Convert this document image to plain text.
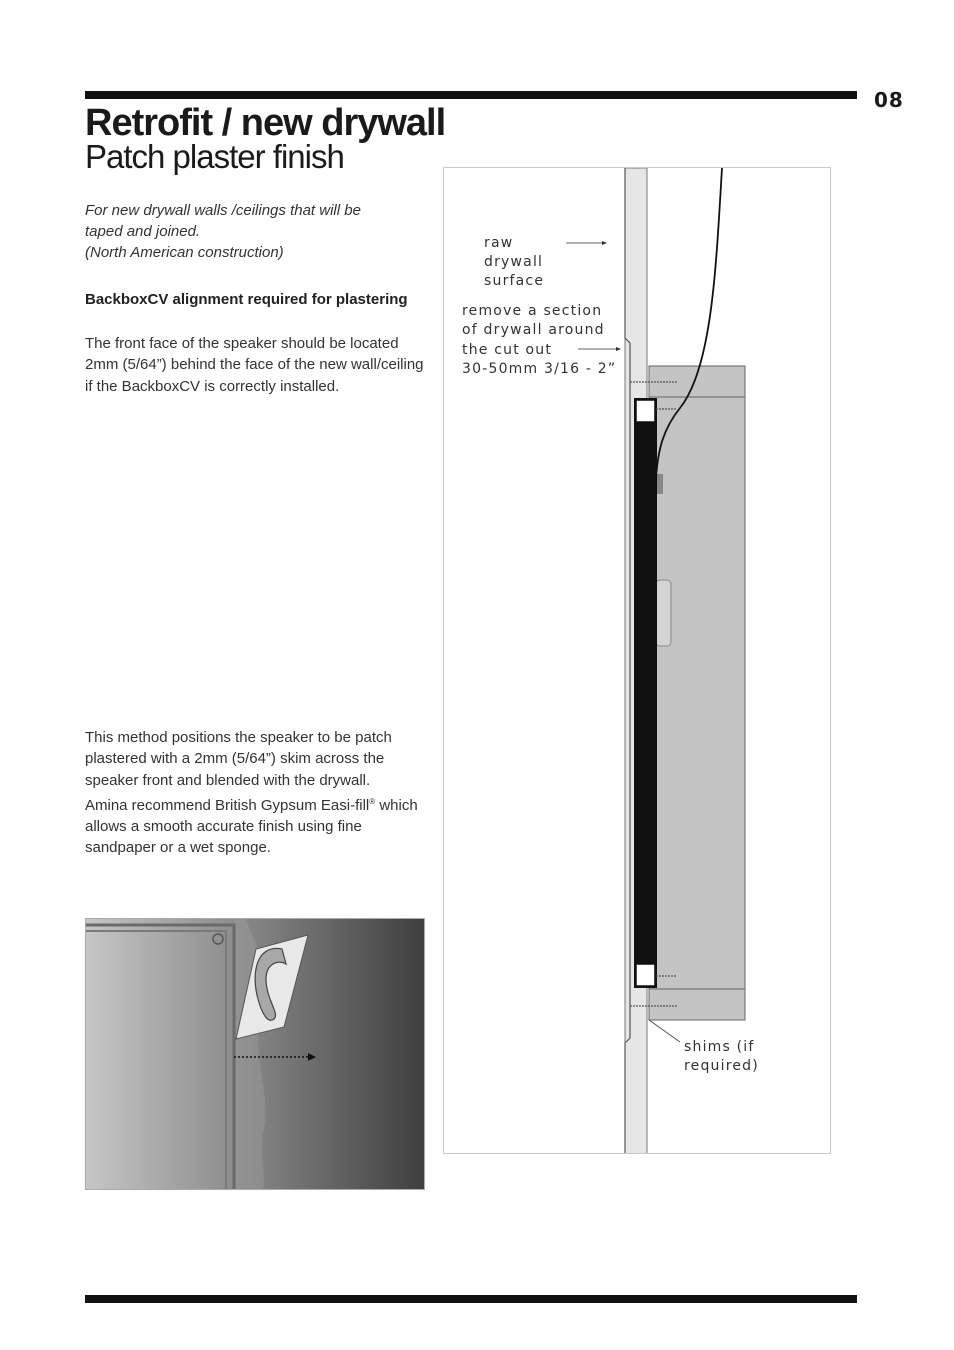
08
Retrofit / new drywall
Patch plaster finish
For new drywall walls /ceilings that will be
taped and joined.
(North American construction)
BackboxCV alignment required for plastering
The front face of the speaker should be located 2mm (5/64”) behind the face of the new wall/ceiling if the BackboxCV is correctly installed.

This method positions the speaker to be patch plastered with a 2mm (5/64”) skim across the speaker front and blended with the drywall.

Amina recommend British Gypsum Easi-fill® which allows a smooth accurate finish using fine sandpaper or a wet sponge.

raw
drywall
surface
remove a section
of drywall around
the cut out
30-50mm 3/16 - 2”
shims (if
required)
